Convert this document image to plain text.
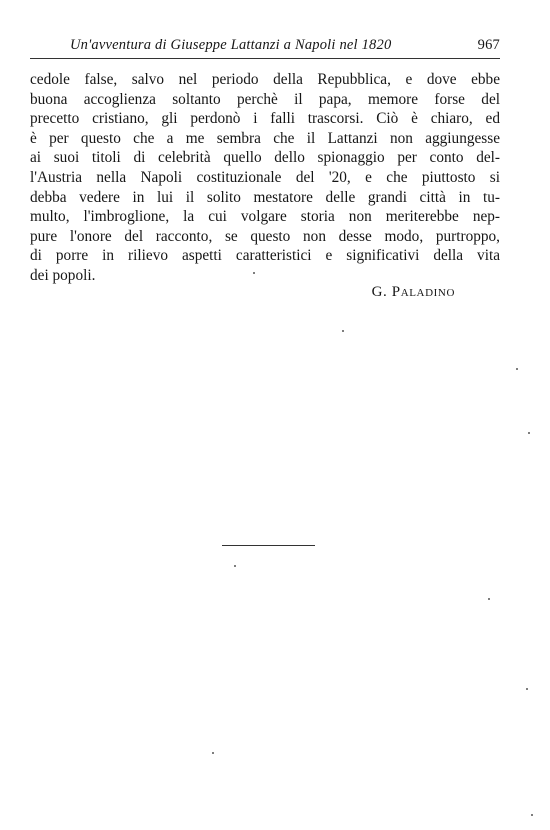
Un'avventura di Giuseppe Lattanzi a Napoli nel 1820	967
cedole false, salvo nel periodo della Repubblica, e dove ebbe
buona accoglienza soltanto perchè il papa, memore forse del
precetto cristiano, gli perdonò i falli trascorsi. Ciò è chiaro, ed
è per questo che a me sembra che il Lattanzi non aggiungesse
ai suoi titoli di celebrità quello dello spionaggio per conto del-
l'Austria nella Napoli costituzionale del '20, e che piuttosto si
debba vedere in lui il solito mestatore delle grandi città in tu-
multo, l'imbroglione, la cui volgare storia non meriterebbe nep-
pure l'onore del racconto, se questo non desse modo, purtroppo,
di porre in rilievo aspetti caratteristici e significativi della vita
dei popoli.
G. Paladino
